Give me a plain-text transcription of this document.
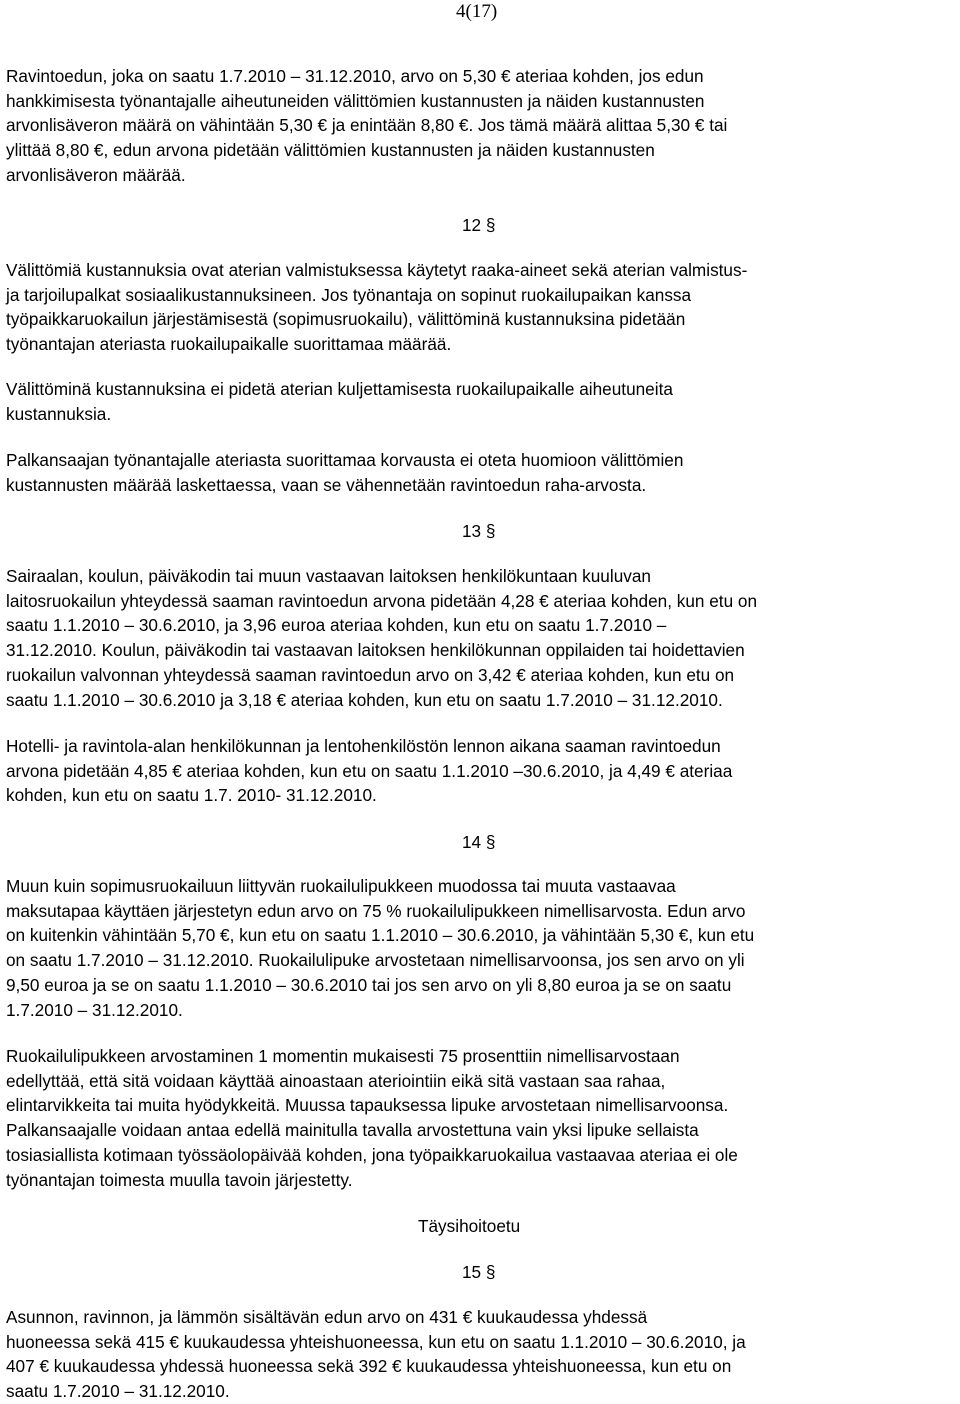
4(17)
Ravintoedun, joka on saatu 1.7.2010 – 31.12.2010, arvo on 5,30 € ateriaa kohden, jos edun
hankkimisesta työnantajalle aiheutuneiden välittömien kustannusten ja näiden kustannusten
arvonlisäveron määrä on vähintään 5,30 € ja enintään 8,80 €. Jos tämä määrä alittaa 5,30 € tai
ylittää 8,80 €, edun arvona pidetään välittömien kustannusten ja näiden kustannusten
arvonlisäveron määrää.
12 §
Välittömiä kustannuksia ovat aterian valmistuksessa käytetyt raaka-aineet sekä aterian valmistus-
ja tarjoilupalkat sosiaalikustannuksineen. Jos työnantaja on sopinut ruokailupaikan kanssa
työpaikkaruokailun järjestämisestä (sopimusruokailu), välittöminä kustannuksina pidetään
työnantajan ateriasta ruokailupaikalle suorittamaa määrää.
Välittöminä kustannuksina ei pidetä aterian kuljettamisesta ruokailupaikalle aiheutuneita
kustannuksia.
Palkansaajan työnantajalle ateriasta suorittamaa korvausta ei oteta huomioon välittömien
kustannusten määrää laskettaessa, vaan se vähennetään ravintoedun raha-arvosta.
13 §
Sairaalan, koulun, päiväkodin tai muun vastaavan laitoksen henkilökuntaan kuuluvan
laitosruokailun yhteydessä saaman ravintoedun arvona pidetään 4,28 € ateriaa kohden, kun etu on
saatu 1.1.2010 – 30.6.2010, ja 3,96 euroa ateriaa kohden, kun etu on saatu 1.7.2010 –
31.12.2010. Koulun, päiväkodin tai vastaavan laitoksen henkilökunnan oppilaiden tai hoidettavien
ruokailun valvonnan yhteydessä saaman ravintoedun arvo on 3,42 € ateriaa kohden, kun etu on
saatu 1.1.2010 – 30.6.2010 ja 3,18 € ateriaa kohden, kun etu on saatu 1.7.2010 – 31.12.2010.
Hotelli- ja ravintola-alan henkilökunnan ja lentohenkilöstön lennon aikana saaman ravintoedun
arvona pidetään 4,85 € ateriaa kohden, kun etu on saatu 1.1.2010 –30.6.2010, ja 4,49 € ateriaa
kohden, kun etu on saatu 1.7. 2010- 31.12.2010.
14 §
Muun kuin sopimusruokailuun liittyvän ruokailulipukkeen muodossa tai muuta vastaavaa
maksutapaa käyttäen järjestetyn edun arvo on 75 % ruokailulipukkeen nimellisarvosta. Edun arvo
on kuitenkin vähintään 5,70 €, kun etu on saatu 1.1.2010 – 30.6.2010, ja vähintään 5,30 €, kun etu
on saatu 1.7.2010 – 31.12.2010. Ruokailulipuke arvostetaan nimellisarvoonsa, jos sen arvo on yli
9,50 euroa ja se on saatu 1.1.2010 – 30.6.2010 tai jos sen arvo on yli 8,80 euroa ja se on saatu
1.7.2010 – 31.12.2010.
Ruokailulipukkeen arvostaminen 1 momentin mukaisesti 75 prosenttiin nimellisarvostaan
edellyttää, että sitä voidaan käyttää ainoastaan ateriointiin eikä sitä vastaan saa rahaa,
elintarvikkeita tai muita hyödykkeitä. Muussa tapauksessa lipuke arvostetaan nimellisarvoonsa.
Palkansaajalle voidaan antaa edellä mainitulla tavalla arvostettuna vain yksi lipuke sellaista
tosiasiallista kotimaan työssäolopäivää kohden, jona työpaikkaruokailua vastaavaa ateriaa ei ole
työnantajan toimesta muulla tavoin järjestetty.
Täysihoitoetu
15 §
Asunnon, ravinnon, ja lämmön sisältävän edun arvo on 431 € kuukaudessa yhdessä
huoneessa sekä 415 € kuukaudessa yhteishuoneessa, kun etu on saatu 1.1.2010 – 30.6.2010, ja
407 € kuukaudessa yhdessä huoneessa sekä 392 € kuukaudessa yhteishuoneessa, kun etu on
saatu 1.7.2010 – 31.12.2010.
